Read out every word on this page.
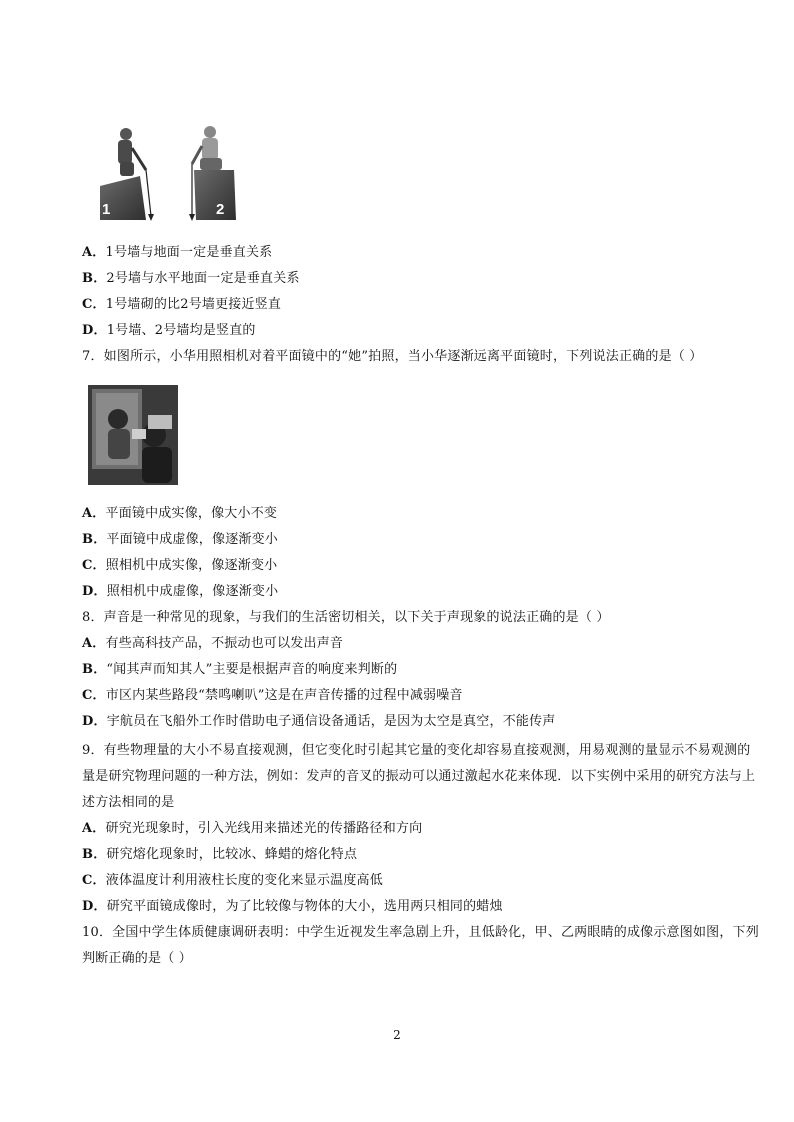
1	2
A．1号墙与地面一定是垂直关系
B．2号墙与水平地面一定是垂直关系
C．1号墙砌的比2号墙更接近竖直
D．1号墙、2号墙均是竖直的
7．如图所示，小华用照相机对着平面镜中的“她”拍照，当小华逐渐远离平面镜时，下列说法正确的是（ ）
A．平面镜中成实像，像大小不变
B．平面镜中成虚像，像逐渐变小
C．照相机中成实像，像逐渐变小
D．照相机中成虚像，像逐渐变小
8．声音是一种常见的现象，与我们的生活密切相关，以下关于声现象的说法正确的是（ ）
A．有些高科技产品，不振动也可以发出声音
B．“闻其声而知其人”主要是根据声音的响度来判断的
C．市区内某些路段“禁鸣喇叭”这是在声音传播的过程中减弱噪音
D．宇航员在飞船外工作时借助电子通信设备通话，是因为太空是真空，不能传声
9．有些物理量的大小不易直接观测，但它变化时引起其它量的变化却容易直接观测，用易观测的量显示不易观测的
量是研究物理问题的一种方法，例如：发声的音叉的振动可以通过激起水花来体现．以下实例中采用的研究方法与上
述方法相同的是
A．研究光现象时，引入光线用来描述光的传播路径和方向
B．研究熔化现象时，比较冰、蜂蜡的熔化特点
C．液体温度计利用液柱长度的变化来显示温度高低
D．研究平面镜成像时，为了比较像与物体的大小，选用两只相同的蜡烛
10．全国中学生体质健康调研表明：中学生近视发生率急剧上升，且低龄化，甲、乙两眼睛的成像示意图如图，下列
判断正确的是（ ）
2
